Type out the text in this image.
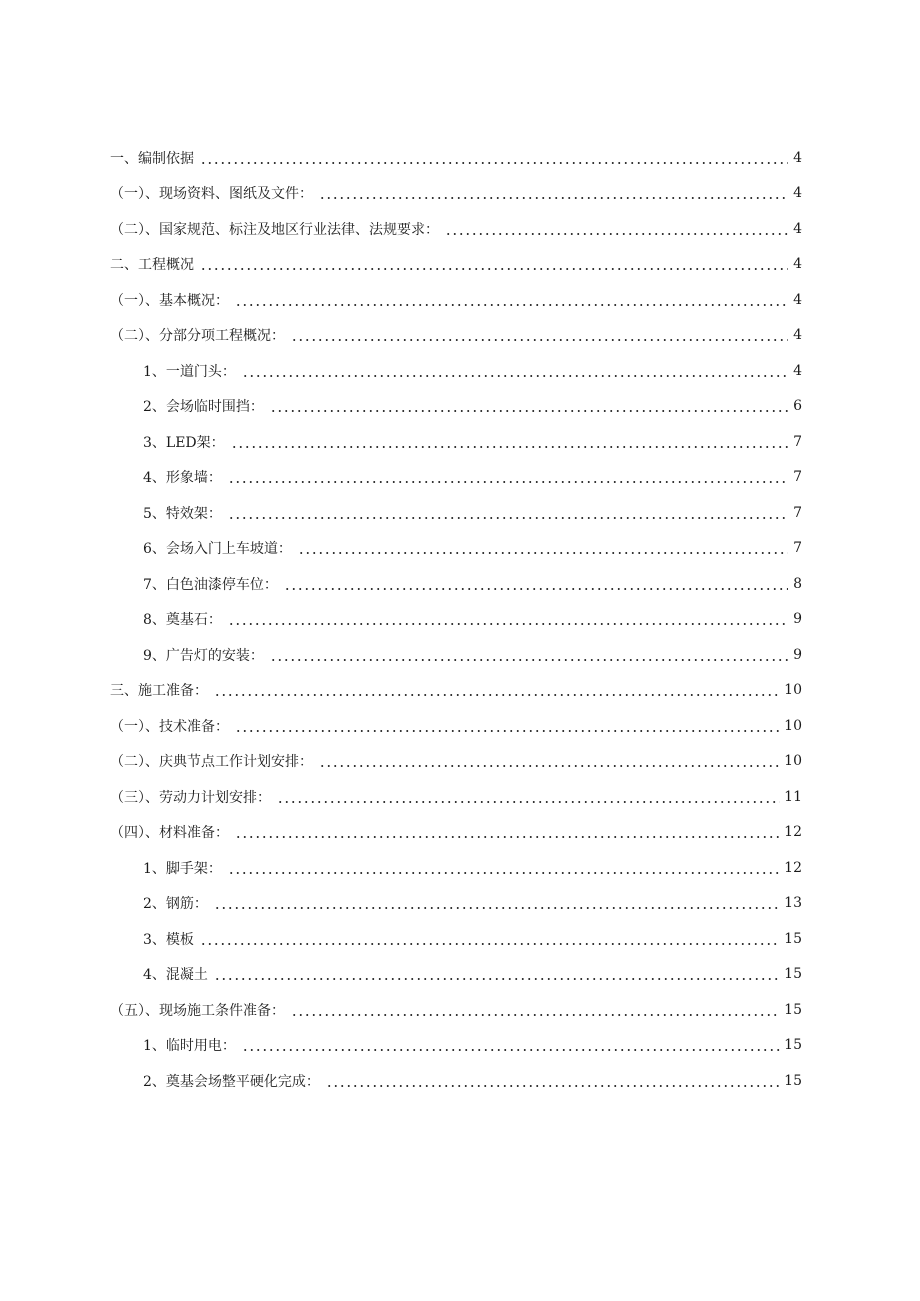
一、编制依据	4
（一）、现场资料、图纸及文件：	4
（二）、国家规范、标注及地区行业法律、法规要求：	4
二、工程概况	4
（一）、基本概况：	4
（二）、分部分项工程概况：	4
1、一道门头：	4
2、会场临时围挡：	6
3、LED架：	7
4、形象墙：	7
5、特效架：	7
6、会场入门上车坡道：	7
7、白色油漆停车位：	8
8、奠基石：	9
9、广告灯的安装：	9
三、施工准备：	10
（一）、技术准备：	10
（二）、庆典节点工作计划安排：	10
（三）、劳动力计划安排：	11
（四）、材料准备：	12
1、脚手架：	12
2、钢筋：	13
3、模板	15
4、混凝土	15
（五）、现场施工条件准备：	15
1、临时用电：	15
2、奠基会场整平硬化完成：	15
